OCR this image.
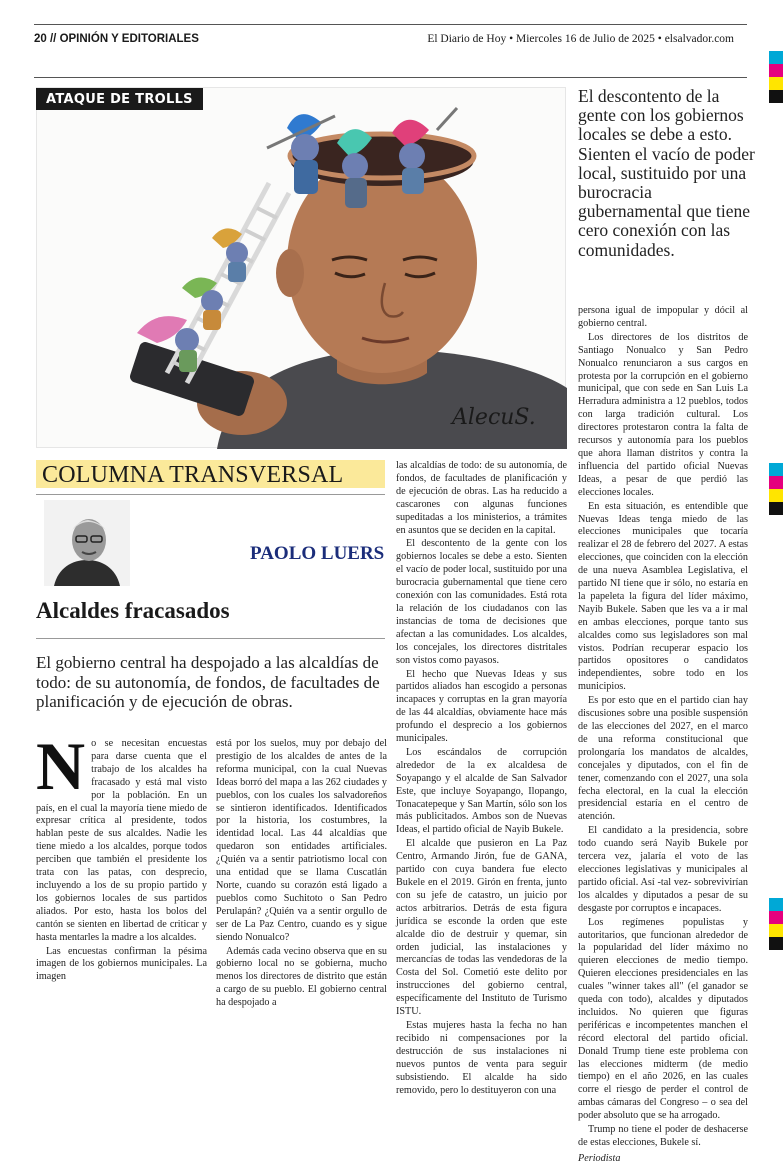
20 // OPINIÓN Y EDITORIALES	El Diario de Hoy • Miercoles 16 de Julio de 2025 • elsalvador.com
ATAQUE DE TROLLS
AlecuS.
El descontento de la gente con los gobiernos locales se debe a esto. Sienten el vacío de poder local, sustituido por una burocracia gubernamental que tiene cero conexión con las comunidades.
COLUMNA TRANSVERSAL
PAOLO LUERS
Alcaldes fracasados
El gobierno central ha despojado a las alcaldías de todo: de su autonomía, de fondos, de facultades de planificación y de ejecución de obras.

No se necesitan encuestas para darse cuenta que el trabajo de los alcaldes ha fracasado y está mal visto por la población. En un país, en el cual la mayoría tiene miedo de expresar crítica al presidente, todos hablan peste de sus alcaldes. Nadie les tiene miedo a los alcaldes, porque todos perciben que también el presidente los trata con las patas, con desprecio, incluyendo a los de su propio partido y los gobiernos locales de sus partidos aliados. Por esto, hasta los bolos del cantón se sienten en libertad de criticar y hasta mentarles la madre a los alcaldes.

Las encuestas confirman la pésima imagen de los gobiernos municipales. La imagen

está por los suelos, muy por debajo del prestigio de los alcaldes de antes de la reforma municipal, con la cual Nuevas Ideas borró del mapa a las 262 ciudades y pueblos, con los cuales los salvadoreños se sintieron identificados. Identificados por la historia, los costumbres, la identidad local. Las 44 alcaldías que quedaron son entidades artificiales. ¿Quién va a sentir patriotismo local con una entidad que se llama Cuscatlán Norte, cuando su corazón está ligado a pueblos como Suchitoto o San Pedro Perulapán? ¿Quién va a sentir orgullo de ser de La Paz Centro, cuando es y sigue siendo Nonualco?

Además cada vecino observa que en su gobierno local no se gobierna, mucho menos los directores de distrito que están a cargo de su pueblo. El gobierno central ha despojado a

las alcaldías de todo: de su autonomía, de fondos, de facultades de planificación y de ejecución de obras. Las ha reducido a cascarones con algunas funciones supeditadas a los ministerios, a trámites en asuntos que se deciden en la capital.

El descontento de la gente con los gobiernos locales se debe a esto. Sienten el vacío de poder local, sustituido por una burocracia gubernamental que tiene cero conexión con las comunidades. Está rota la relación de los ciudadanos con las instancias de toma de decisiones que afectan a las comunidades. Los alcaldes, los concejales, los directores distritales son vistos como payasos.

El hecho que Nuevas Ideas y sus partidos aliados han escogido a personas incapaces y corruptas en la gran mayoría de las 44 alcaldías, obviamente hace más profundo el desprecio a los gobiernos municipales.

Los escándalos de corrupción alrededor de la ex alcaldesa de Soyapango y el alcalde de San Salvador Este, que incluye Soyapango, Ilopango, Tonacatepeque y San Martín, sólo son los más publicitados. Ambos son de Nuevas Ideas, el partido oficial de Nayib Bukele.

El alcalde que pusieron en La Paz Centro, Armando Jirón, fue de GANA, partido con cuya bandera fue electo Bukele en el 2019. Girón en frenta, junto con su jefe de catastro, un juicio por actos arbitrarios. Detrás de esta figura jurídica se esconde la orden que este alcalde dio de destruir y quemar, sin orden judicial, las instalaciones y mercancías de todas las vendedoras de la Costa del Sol. Cometió este delito por instrucciones del gobierno central, específicamente del Instituto de Turismo ISTU.

Estas mujeres hasta la fecha no han recibido ni compensaciones por la destrucción de sus instalaciones ni nuevos puntos de venta para seguir subsistiendo. El alcalde ha sido removido, pero lo destituyeron con una

persona igual de impopular y dócil al gobierno central.

Los directores de los distritos de Santiago Nonualco y San Pedro Nonualco renunciaron a sus cargos en protesta por la corrupción en el gobierno municipal, que con sede en San Luis La Herradura administra a 12 pueblos, todos con larga tradición cultural. Los directores protestaron contra la falta de recursos y autonomía para los pueblos que ahora llaman distritos y contra la influencia del partido oficial Nuevas Ideas, a pesar de que perdió las elecciones locales.

En esta situación, es entendible que Nuevas Ideas tenga miedo de las elecciones municipales que tocaría realizar el 28 de febrero del 2027. A estas elecciones, que coinciden con la elección de una nueva Asamblea Legislativa, el partido NI tiene que ir sólo, no estaría en la papeleta la figura del líder máximo, Nayib Bukele. Saben que les va a ir mal en ambas elecciones, porque tanto sus alcaldes como sus legisladores son mal vistos. Podrían recuperar espacio los partidos opositores o candidatos independientes, sobre todo en los municipios.

Es por esto que en el partido cian hay discusiones sobre una posible suspensión de las elecciones del 2027, en el marco de una reforma constitucional que prolongaría los mandatos de alcaldes, concejales y diputados, con el fin de tener, comenzando con el 2027, una sola fecha electoral, en la cual la elección presidencial estaría en el centro de atención.

El candidato a la presidencia, sobre todo cuando será Nayib Bukele por tercera vez, jalaría el voto de las elecciones legislativas y municipales al partido oficial. Así -tal vez- sobrevivirían los alcaldes y diputados a pesar de su desgaste por corruptos e incapaces.

Los regímenes populistas y autoritarios, que funcionan alrededor de la popularidad del líder máximo no quieren elecciones de medio tiempo. Quieren elecciones presidenciales en las cuales "winner takes all" (el ganador se queda con todo), alcaldes y diputados incluidos. No quieren que figuras periféricas e incompetentes manchen el récord electoral del partido oficial. Donald Trump tiene este problema con las elecciones midterm (de medio tiempo) en el año 2026, en las cuales corre el riesgo de perder el control de ambas cámaras del Congreso – o sea del poder absoluto que se ha arrogado.

Trump no tiene el poder de deshacerse de estas elecciones, Bukele sí.

Periodista
